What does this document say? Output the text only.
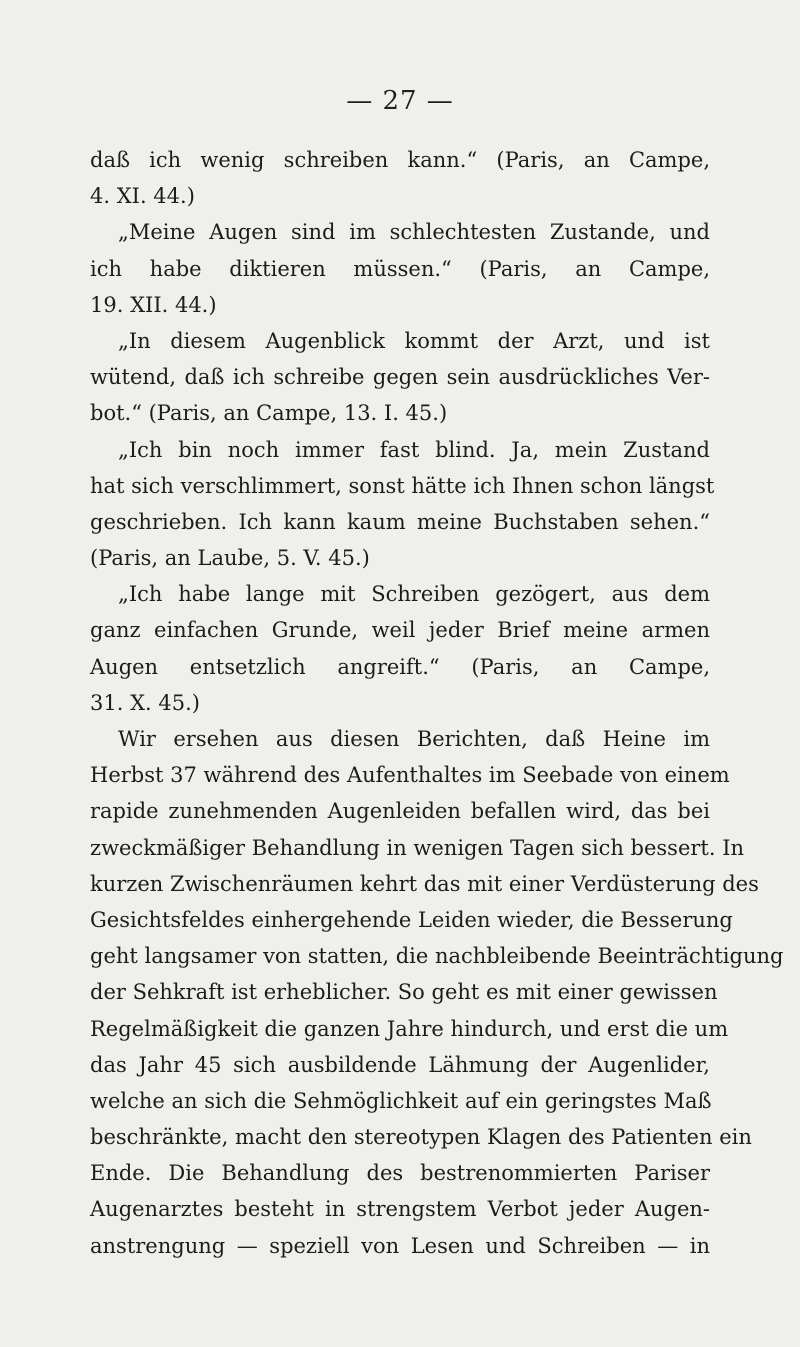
— 27 —
daß ich wenig schreiben kann.“ (Paris, an Campe,
4. XI. 44.)
„Meine Augen sind im schlechtesten Zustande, und
ich habe diktieren müssen.“ (Paris, an Campe,
19. XII. 44.)
„In diesem Augenblick kommt der Arzt, und ist
wütend, daß ich schreibe gegen sein ausdrückliches Ver-
bot.“ (Paris, an Campe, 13. I. 45.)
„Ich bin noch immer fast blind. Ja, mein Zustand
hat sich verschlimmert, sonst hätte ich Ihnen schon längst
geschrieben. Ich kann kaum meine Buchstaben sehen.“
(Paris, an Laube, 5. V. 45.)
„Ich habe lange mit Schreiben gezögert, aus dem
ganz einfachen Grunde, weil jeder Brief meine armen
Augen entsetzlich angreift.“ (Paris, an Campe,
31. X. 45.)
Wir ersehen aus diesen Berichten, daß Heine im
Herbst 37 während des Aufenthaltes im Seebade von einem
rapide zunehmenden Augenleiden befallen wird, das bei
zweckmäßiger Behandlung in wenigen Tagen sich bessert. In
kurzen Zwischenräumen kehrt das mit einer Verdüsterung des
Gesichtsfeldes einhergehende Leiden wieder, die Besserung
geht langsamer von statten, die nachbleibende Beeinträchtigung
der Sehkraft ist erheblicher. So geht es mit einer gewissen
Regelmäßigkeit die ganzen Jahre hindurch, und erst die um
das Jahr 45 sich ausbildende Lähmung der Augenlider,
welche an sich die Sehmöglichkeit auf ein geringstes Maß
beschränkte, macht den stereotypen Klagen des Patienten ein
Ende. Die Behandlung des bestrenommierten Pariser
Augenarztes besteht in strengstem Verbot jeder Augen-
anstrengung — speziell von Lesen und Schreiben — in
